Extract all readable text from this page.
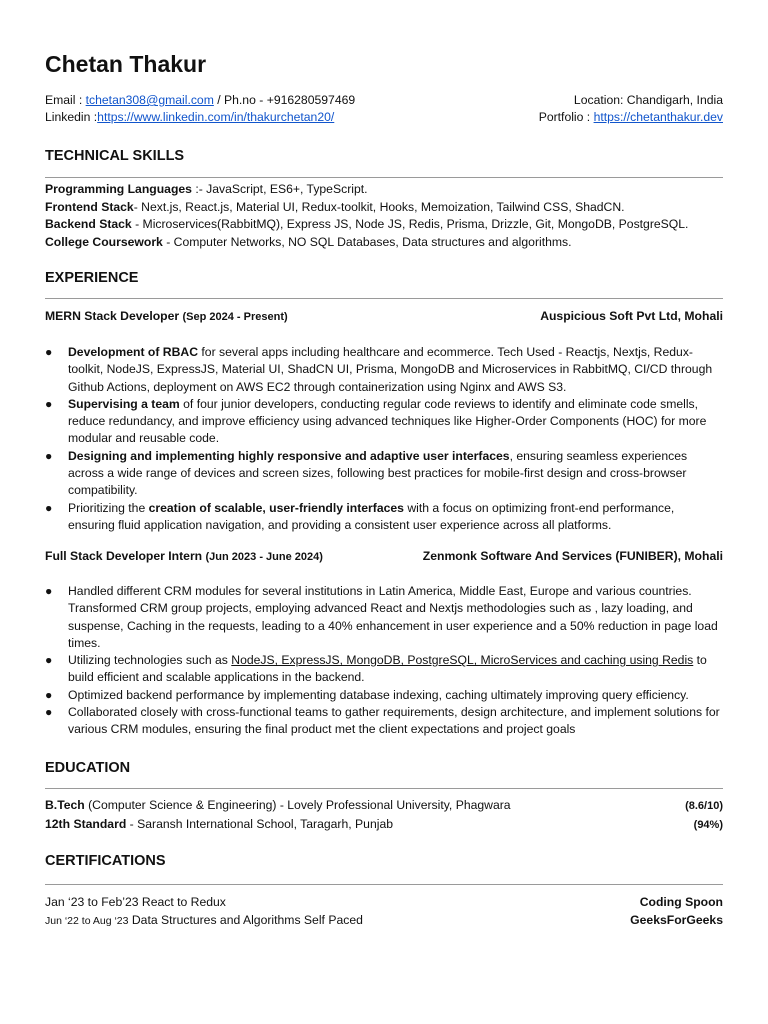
Chetan Thakur
Email : tchetan308@gmail.com / Ph.no - +916280597469	Location: Chandigarh, India
Linkedin :https://www.linkedin.com/in/thakurchetan20/	Portfolio : https://chetanthakur.dev
TECHNICAL SKILLS
Programming Languages :- JavaScript, ES6+, TypeScript.
Frontend Stack- Next.js, React.js, Material UI, Redux-toolkit, Hooks, Memoization, Tailwind CSS, ShadCN.
Backend Stack - Microservices(RabbitMQ), Express JS, Node JS, Redis, Prisma, Drizzle, Git, MongoDB, PostgreSQL.
College Coursework - Computer Networks, NO SQL Databases, Data structures and algorithms.
EXPERIENCE
MERN Stack Developer (Sep 2024 - Present)	Auspicious Soft Pvt Ltd, Mohali
● Development of RBAC for several apps including healthcare and ecommerce. Tech Used - Reactjs, Nextjs, Redux-toolkit, NodeJS, ExpressJS, Material UI, ShadCN UI, Prisma, MongoDB and Microservices in RabbitMQ, CI/CD through Github Actions, deployment on AWS EC2 through containerization using Nginx and AWS S3.
● Supervising a team of four junior developers, conducting regular code reviews to identify and eliminate code smells, reduce redundancy, and improve efficiency using advanced techniques like Higher-Order Components (HOC) for more modular and reusable code.
● Designing and implementing highly responsive and adaptive user interfaces, ensuring seamless experiences across a wide range of devices and screen sizes, following best practices for mobile-first design and cross-browser compatibility.
● Prioritizing the creation of scalable, user-friendly interfaces with a focus on optimizing front-end performance, ensuring fluid application navigation, and providing a consistent user experience across all platforms.
Full Stack Developer Intern (Jun 2023 - June 2024)	Zenmonk Software And Services (FUNIBER), Mohali
● Handled different CRM modules for several institutions in Latin America, Middle East, Europe and various countries. Transformed CRM group projects, employing advanced React and Nextjs methodologies such as , lazy loading, and suspense, Caching in the requests, leading to a 40% enhancement in user experience and a 50% reduction in page load times.
● Utilizing technologies such as NodeJS, ExpressJS, MongoDB, PostgreSQL, MicroServices and caching using Redis to build efficient and scalable applications in the backend.
● Optimized backend performance by implementing database indexing, caching ultimately improving query efficiency.
● Collaborated closely with cross-functional teams to gather requirements, design architecture, and implement solutions for various CRM modules, ensuring the final product met the client expectations and project goals
EDUCATION
B.Tech (Computer Science & Engineering) - Lovely Professional University, Phagwara	(8.6/10)
12th Standard - Saransh International School, Taragarh, Punjab	(94%)
CERTIFICATIONS
Jan ‘23 to Feb’23 React to Redux	Coding Spoon
Jun ‘22 to Aug ‘23 Data Structures and Algorithms Self Paced	GeeksForGeeks
